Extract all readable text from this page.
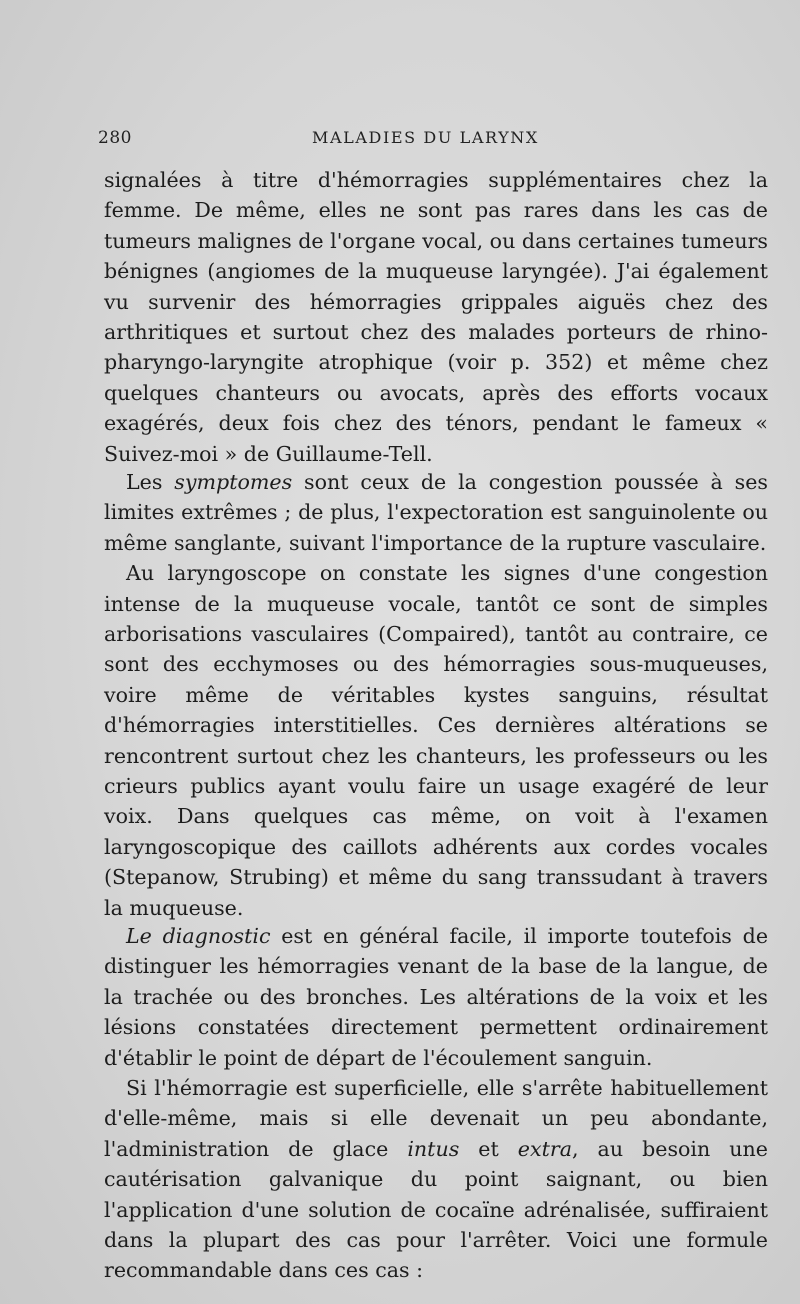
280	MALADIES DU LARYNX

signalées à titre d'hémorragies supplémentaires chez la femme. De même, elles ne sont pas rares dans les cas de tumeurs malignes de l'organe vocal, ou dans certaines tumeurs bénignes (angiomes de la muqueuse laryngée). J'ai également vu survenir des hémorragies grippales aiguës chez des arthritiques et surtout chez des malades porteurs de rhino-pharyngo-laryngite atrophique (voir p. 352) et même chez quelques chanteurs ou avocats, après des efforts vocaux exagérés, deux fois chez des ténors, pendant le fameux « Suivez-moi » de Guillaume-Tell.

Les symptomes sont ceux de la congestion poussée à ses limites extrêmes ; de plus, l'expectoration est sanguinolente ou même sanglante, suivant l'importance de la rupture vasculaire.

Au laryngoscope on constate les signes d'une congestion intense de la muqueuse vocale, tantôt ce sont de simples arborisations vasculaires (Compaired), tantôt au contraire, ce sont des ecchymoses ou des hémorragies sous-muqueuses, voire même de véritables kystes sanguins, résultat d'hémorragies interstitielles. Ces dernières altérations se rencontrent surtout chez les chanteurs, les professeurs ou les crieurs publics ayant voulu faire un usage exagéré de leur voix. Dans quelques cas même, on voit à l'examen laryngoscopique des caillots adhérents aux cordes vocales (Stepanow, Strubing) et même du sang transsudant à travers la muqueuse.

Le diagnostic est en général facile, il importe toutefois de distinguer les hémorragies venant de la base de la langue, de la trachée ou des bronches. Les altérations de la voix et les lésions constatées directement permettent ordinairement d'établir le point de départ de l'écoulement sanguin.

Si l'hémorragie est superficielle, elle s'arrête habituellement d'elle-même, mais si elle devenait un peu abondante, l'administration de glace intus et extra, au besoin une cautérisation galvanique du point saignant, ou bien l'application d'une solution de cocaïne adrénalisée, suffiraient dans la plupart des cas pour l'arrêter. Voici une formule recommandable dans ces cas :
